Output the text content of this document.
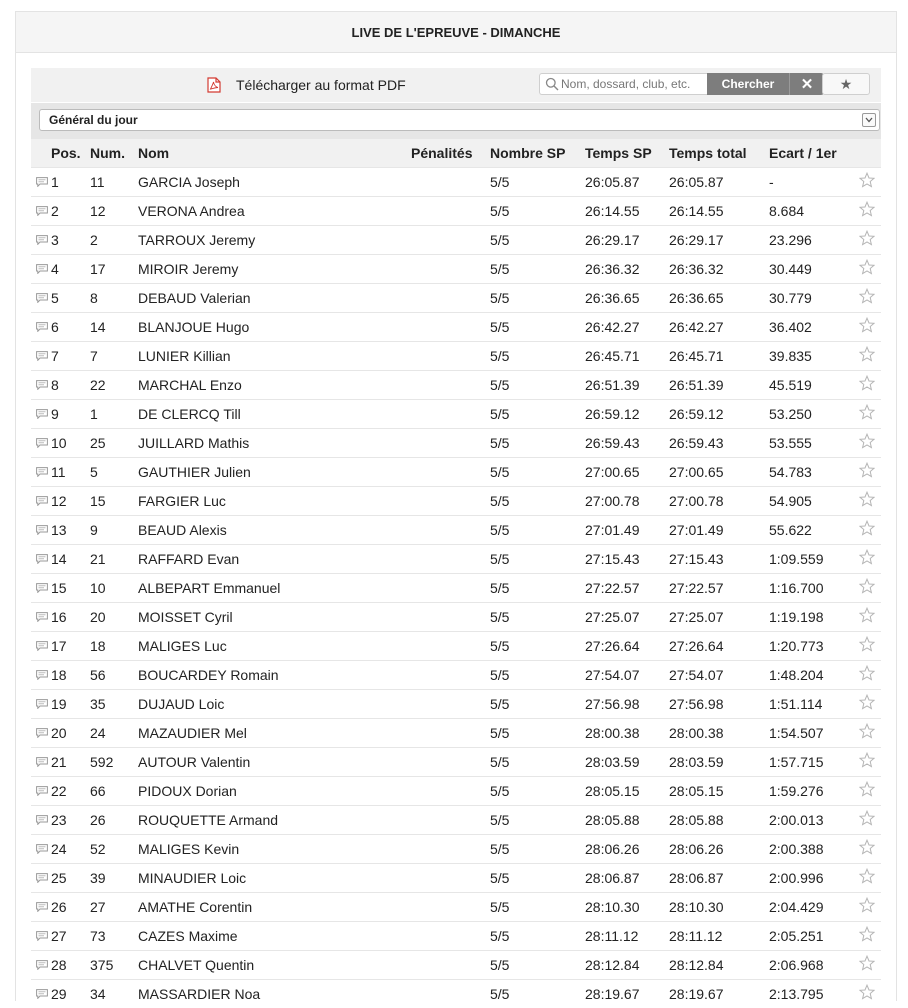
LIVE DE L'EPREUVE - DIMANCHE
Télécharger au format PDF
Nom, dossard, club, etc.	Chercher	✕ ★
Général du jour
	Pos.	Num.	Nom	Pénalités	Nombre SP	Temps SP	Temps total	Ecart / 1er	
	1	11	GARCIA Joseph		5/5	26:05.87	26:05.87	-	
	2	12	VERONA Andrea		5/5	26:14.55	26:14.55	8.684	
	3	2	TARROUX Jeremy		5/5	26:29.17	26:29.17	23.296	
	4	17	MIROIR Jeremy		5/5	26:36.32	26:36.32	30.449	
	5	8	DEBAUD Valerian		5/5	26:36.65	26:36.65	30.779	
	6	14	BLANJOUE Hugo		5/5	26:42.27	26:42.27	36.402	
	7	7	LUNIER Killian		5/5	26:45.71	26:45.71	39.835	
	8	22	MARCHAL Enzo		5/5	26:51.39	26:51.39	45.519	
	9	1	DE CLERCQ Till		5/5	26:59.12	26:59.12	53.250	
	10	25	JUILLARD Mathis		5/5	26:59.43	26:59.43	53.555	
	11	5	GAUTHIER Julien		5/5	27:00.65	27:00.65	54.783	
	12	15	FARGIER Luc		5/5	27:00.78	27:00.78	54.905	
	13	9	BEAUD Alexis		5/5	27:01.49	27:01.49	55.622	
	14	21	RAFFARD Evan		5/5	27:15.43	27:15.43	1:09.559	
	15	10	ALBEPART Emmanuel		5/5	27:22.57	27:22.57	1:16.700	
	16	20	MOISSET Cyril		5/5	27:25.07	27:25.07	1:19.198	
	17	18	MALIGES Luc		5/5	27:26.64	27:26.64	1:20.773	
	18	56	BOUCARDEY Romain		5/5	27:54.07	27:54.07	1:48.204	
	19	35	DUJAUD Loic		5/5	27:56.98	27:56.98	1:51.114	
	20	24	MAZAUDIER Mel		5/5	28:00.38	28:00.38	1:54.507	
	21	592	AUTOUR Valentin		5/5	28:03.59	28:03.59	1:57.715	
	22	66	PIDOUX Dorian		5/5	28:05.15	28:05.15	1:59.276	
	23	26	ROUQUETTE Armand		5/5	28:05.88	28:05.88	2:00.013	
	24	52	MALIGES Kevin		5/5	28:06.26	28:06.26	2:00.388	
	25	39	MINAUDIER Loic		5/5	28:06.87	28:06.87	2:00.996	
	26	27	AMATHE Corentin		5/5	28:10.30	28:10.30	2:04.429	
	27	73	CAZES Maxime		5/5	28:11.12	28:11.12	2:05.251	
	28	375	CHALVET Quentin		5/5	28:12.84	28:12.84	2:06.968	
	29	34	MASSARDIER Noa		5/5	28:19.67	28:19.67	2:13.795	
